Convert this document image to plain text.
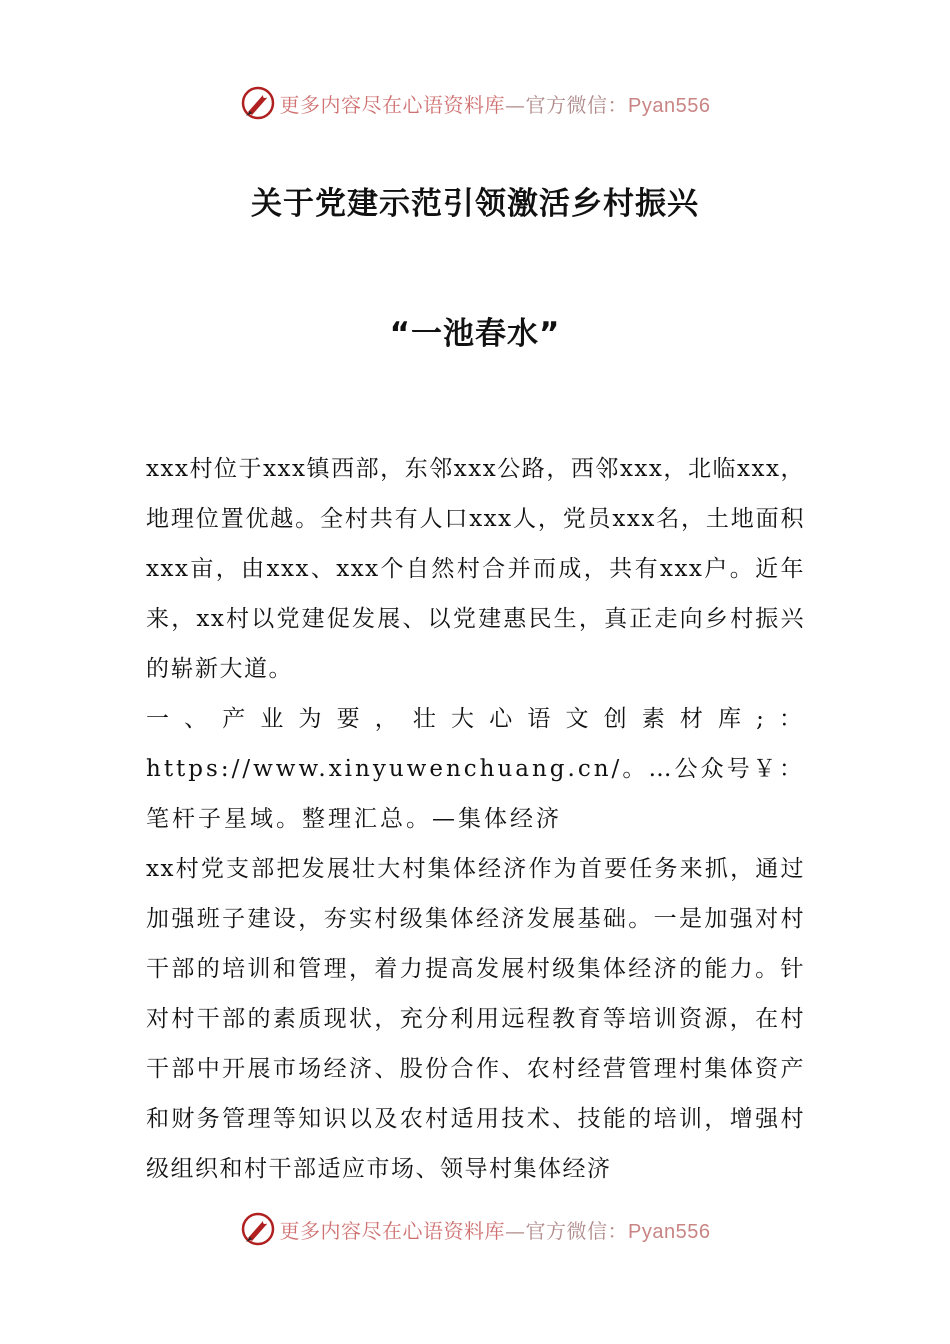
更多内容尽在心语资料库—官方微信：Pyan556
关于党建示范引领激活乡村振兴
“一池春水”

xxx村位于xxx镇西部，东邻xxx公路，西邻xxx，北临xxx，地理位置优越。全村共有人口xxx人，党员xxx名，土地面积xxx亩，由xxx、xxx个自然村合并而成，共有xxx户。近年来，xx村以党建促发展、以党建惠民生，真正走向乡村振兴的崭新大道。

一、产业为要，壮大心语文创素材库;：https://www.xinyuwenchuang.cn/。…公众号￥：笔杆子星域。整理汇总。—集体经济

xx村党支部把发展壮大村集体经济作为首要任务来抓，通过加强班子建设，夯实村级集体经济发展基础。一是加强对村干部的培训和管理，着力提高发展村级集体经济的能力。针对村干部的素质现状，充分利用远程教育等培训资源，在村干部中开展市场经济、股份合作、农村经营管理村集体资产和财务管理等知识以及农村适用技术、技能的培训，增强村级组织和村干部适应市场、领导村集体经济

更多内容尽在心语资料库—官方微信：Pyan556
